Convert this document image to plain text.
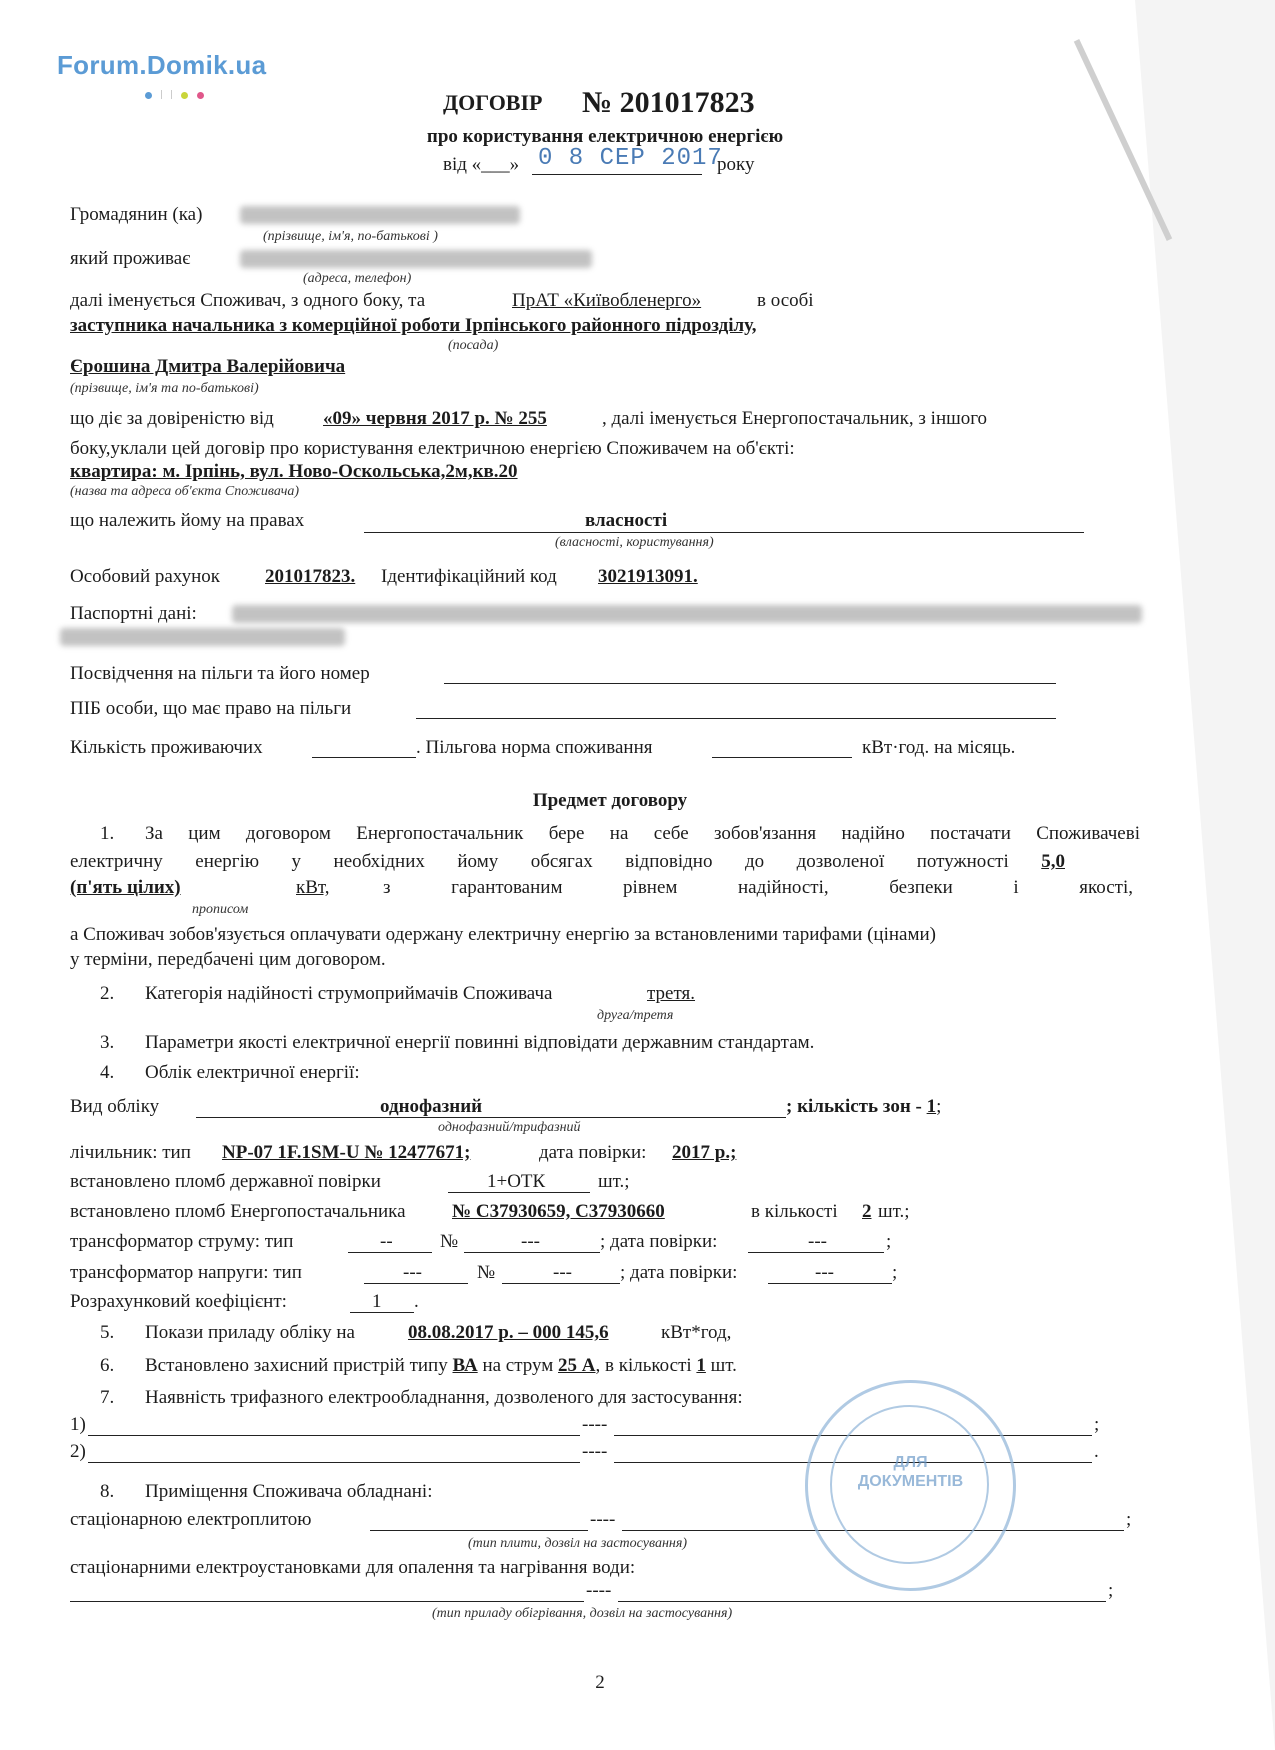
Forum.Domik.ua
ДОГОВІР № 201017823
про користування електричною енергією
від «___» 0 8 СЕР 2017
року
Громадянин (ка)
(прізвище, ім'я, по-батькові )
який проживає
(адреса, телефон)
далі іменується Споживач, з одного боку, та	ПрАТ «Київобленерго»	в особі
заступника начальника з комерційної роботи Ірпінського районного підрозділу,
(посада)
Єрошина Дмитра Валерійовича
(прізвище, ім'я та по-батькові)
що діє за довіреністю від	«09» червня 2017 р. № 255	, далі іменується Енергопостачальник, з іншого
боку,уклали цей договір про користування електричною енергією Споживачем на об'єкті:
квартира: м. Ірпінь, вул. Ново-Оскольська,2м,кв.20
(назва та адреса об'єкта Споживача)
що належить йому на правах	власності
(власності, користування)
Особовий рахунок 201017823. Ідентифікаційний код 3021913091.
Паспортні дані:
Посвідчення на пільги та його номер
ПІБ особи, що має право на пільги
Кількість проживаючих	. Пільгова норма споживання	кВт·год. на місяць.
Предмет договору
1. За цим договором Енергопостачальник бере на себе зобов'язання надійно постачати Споживачеві
електричну енергію у необхідних йому обсягах відповідно до дозволеної потужності 5,0
(п'ять цілих)	кВт,	з гарантованим рівнем надійності, безпеки і якості,
прописом
а Споживач зобов'язується оплачувати одержану електричну енергію за встановленими тарифами (цінами)
у терміни, передбачені цим договором.
2. Категорія надійності струмоприймачів Споживача	третя.
друга/третя
3. Параметри якості електричної енергії повинні відповідати державним стандартам.
4. Облік електричної енергії:
Вид обліку	однофазний	; кількість зон - 1;
однофазний/трифазний
лічильник: тип NP-07 1F.1SM-U № 12477671;	дата повірки: 2017 р.;
встановлено пломб державної повірки	1+ОТК	шт.;
встановлено пломб Енергопостачальника № С37930659, С37930660	в кількості 2 шт.;
трансформатор струму: тип	-- №	---	; дата повірки:	---	;
трансформатор напруги: тип	---	№	---	; дата повірки:	---	;
Розрахунковий коефіцієнт:	1 .
5. Покази приладу обліку на	08.08.2017 р. – 000 145,6	кВт*год,
6. Встановлено захисний пристрій типу ВА на струм 25 А, в кількості 1 шт.
7. Наявність трифазного електрообладнання, дозволеного для застосування:
1)	----	;
2)	----	.
8. Приміщення Споживача обладнані:
стаціонарною електроплитою	----	;
(тип плити, дозвіл на застосування)
стаціонарними електроустановками для опалення та нагрівання води:
----	;
(тип приладу обігрівання, дозвіл на застосування)
ДЛЯ
ДОКУМЕНТІВ
2
